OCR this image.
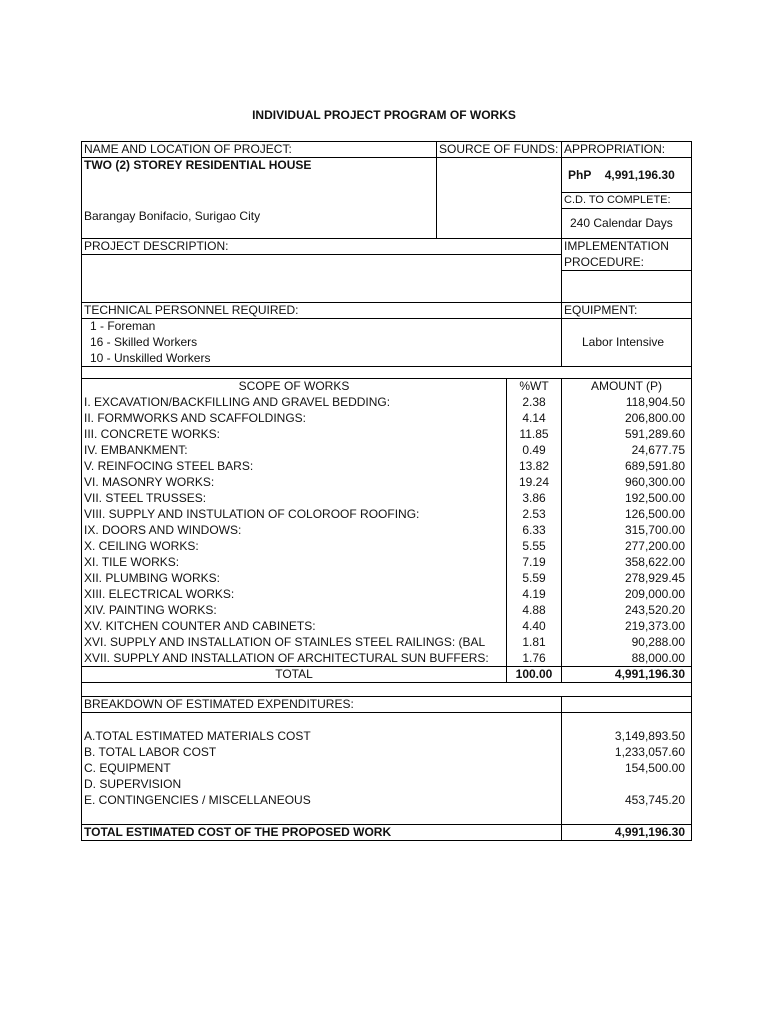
INDIVIDUAL PROJECT PROGRAM OF WORKS
NAME AND LOCATION OF PROJECT:	SOURCE OF FUNDS:		APPROPRIATION:
TWO (2) STOREY RESIDENTIAL HOUSE			PhP 4,991,196.30
			C.D. TO COMPLETE:
Barangay Bonifacio, Surigao City			240 Calendar Days

PROJECT DESCRIPTION:			IMPLEMENTATION

			PROCEDURE:

TECHNICAL PERSONNEL REQUIRED:			EQUIPMENT:
1 - Foreman			Labor Intensive
16 - Skilled Workers			
10 - Unskilled Workers			

SCOPE OF WORKS		%WT	AMOUNT (P)
I. EXCAVATION/BACKFILLING AND GRAVEL BEDDING:		2.38	118,904.50
II. FORMWORKS AND SCAFFOLDINGS:		4.14	206,800.00
III. CONCRETE WORKS:		11.85	591,289.60
IV. EMBANKMENT:		0.49	24,677.75
V. REINFOCING STEEL BARS:		13.82	689,591.80
VI. MASONRY WORKS:		19.24	960,300.00
VII. STEEL TRUSSES:		3.86	192,500.00
VIII. SUPPLY AND INSTULATION OF COLOROOF ROOFING:		2.53	126,500.00
IX. DOORS AND WINDOWS:		6.33	315,700.00
X. CEILING WORKS:		5.55	277,200.00
XI. TILE WORKS:		7.19	358,622.00
XII. PLUMBING WORKS:		5.59	278,929.45
XIII. ELECTRICAL WORKS:		4.19	209,000.00
XIV. PAINTING WORKS:		4.88	243,520.20
XV. KITCHEN COUNTER AND CABINETS:		4.40	219,373.00
XVI. SUPPLY AND INSTALLATION OF STAINLES STEEL RAILINGS: (BAL		1.81	90,288.00
XVII. SUPPLY AND INSTALLATION OF ARCHITECTURAL SUN BUFFERS:		1.76	88,000.00
TOTAL		100.00	4,991,196.30

BREAKDOWN OF ESTIMATED EXPENDITURES:			

A.TOTAL ESTIMATED MATERIALS COST			3,149,893.50
B. TOTAL LABOR COST			1,233,057.60
C. EQUIPMENT			154,500.00
D. SUPERVISION			
E. CONTINGENCIES / MISCELLANEOUS			453,745.20

TOTAL ESTIMATED COST OF THE PROPOSED WORK			4,991,196.30
